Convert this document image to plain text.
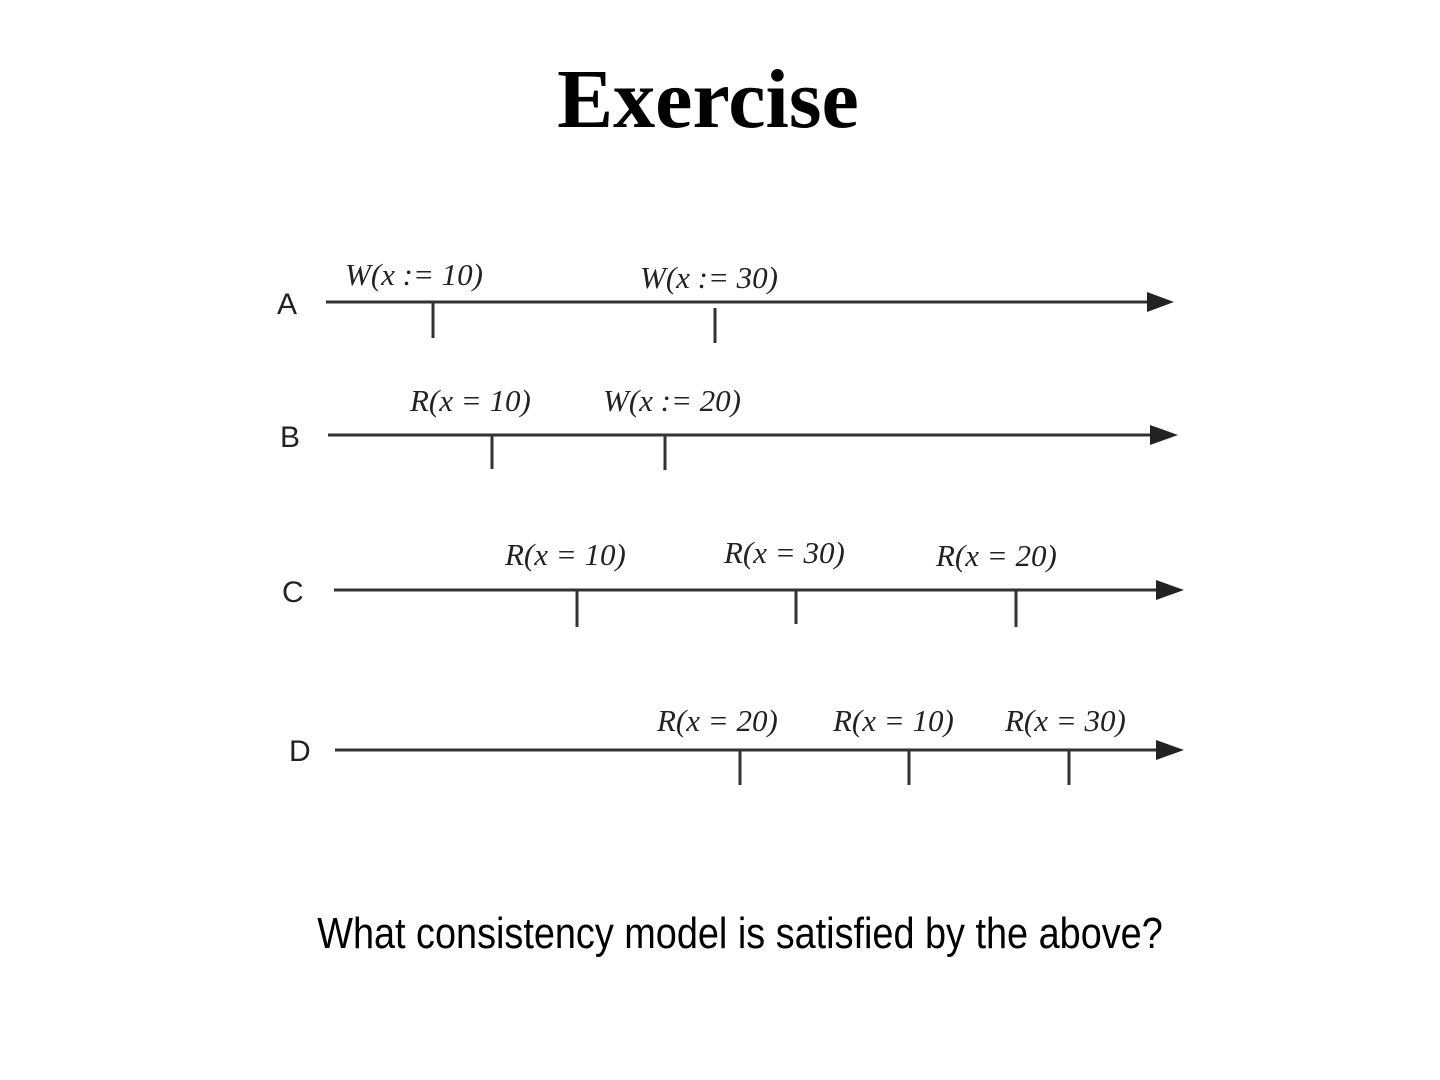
Exercise
A
W(x := 10)	W(x := 30)
B
R(x = 10) W(x := 20)
C
R(x = 10)	R(x = 30)	R(x = 20)
D
R(x = 20) R(x = 10) R(x = 30)

What consistency model is satisfied by the above?
